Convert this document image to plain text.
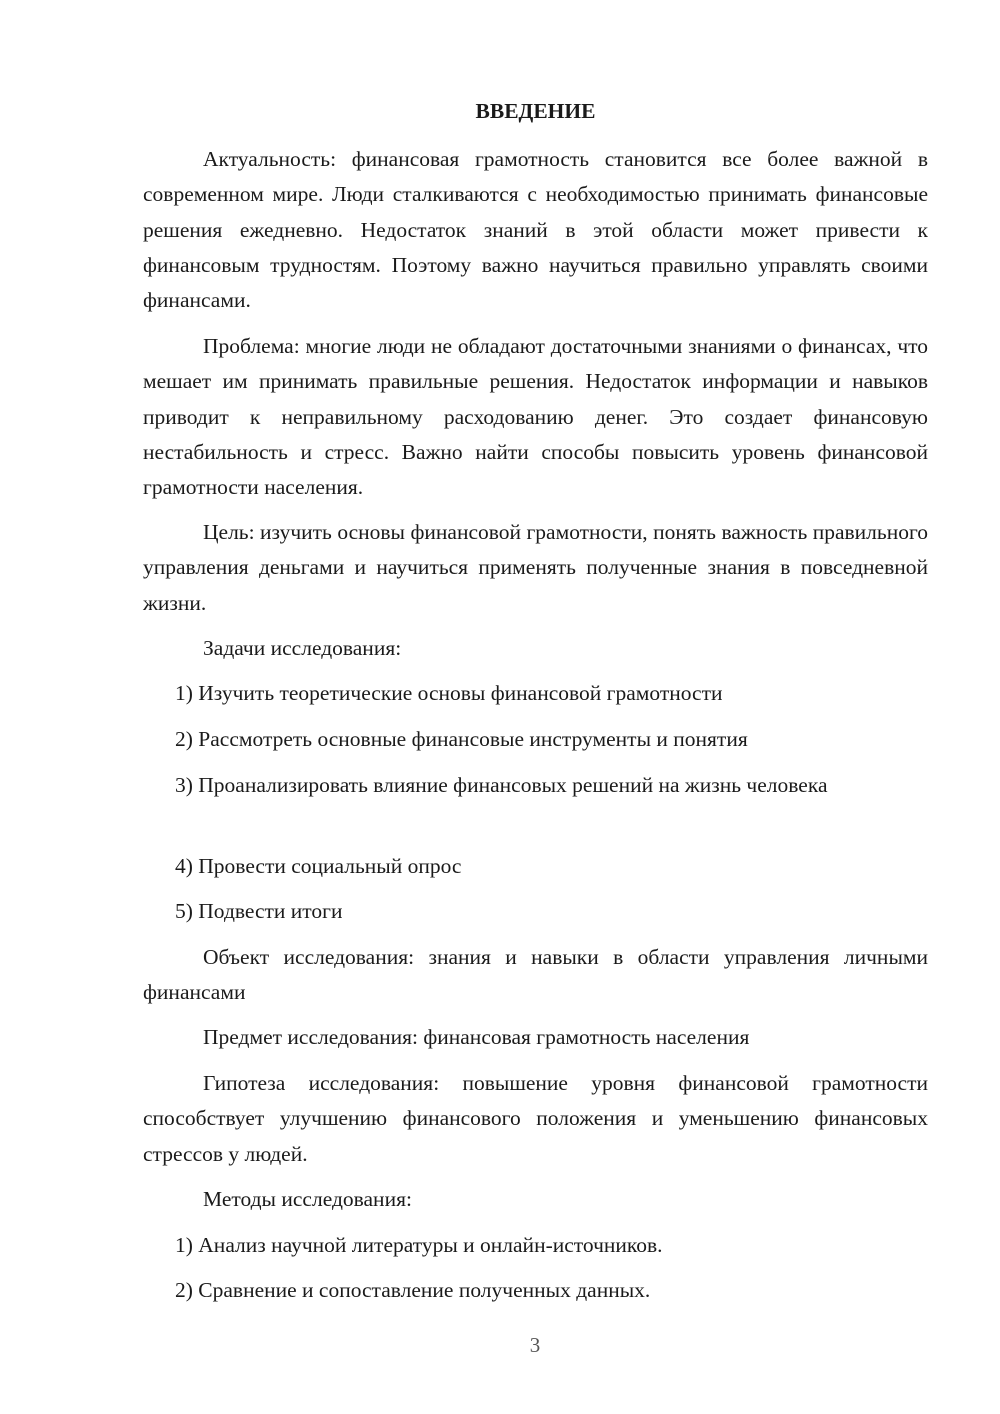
ВВЕДЕНИЕ

Актуальность: финансовая грамотность становится все более важной в современном мире. Люди сталкиваются с необходимостью принимать финансовые решения ежедневно. Недостаток знаний в этой области может привести к финансовым трудностям. Поэтому важно научиться правильно управлять своими финансами.

Проблема: многие люди не обладают достаточными знаниями о финансах, что мешает им принимать правильные решения. Недостаток информации и навыков приводит к неправильному расходованию денег. Это создает финансовую нестабильность и стресс. Важно найти способы повысить уровень финансовой грамотности населения.

Цель: изучить основы финансовой грамотности, понять важность правильного управления деньгами и научиться применять полученные знания в повседневной жизни.

Задачи исследования:

1) Изучить теоретические основы финансовой грамотности

2) Рассмотреть основные финансовые инструменты и понятия

3) Проанализировать влияние финансовых решений на жизнь человека

4) Провести социальный опрос

5) Подвести итоги

Объект исследования: знания и навыки в области управления личными финансами

Предмет исследования: финансовая грамотность населения

Гипотеза исследования: повышение уровня финансовой грамотности способствует улучшению финансового положения и уменьшению финансовых стрессов у людей.

Методы исследования:

1) Анализ научной литературы и онлайн-источников.

2) Сравнение и сопоставление полученных данных.

3
